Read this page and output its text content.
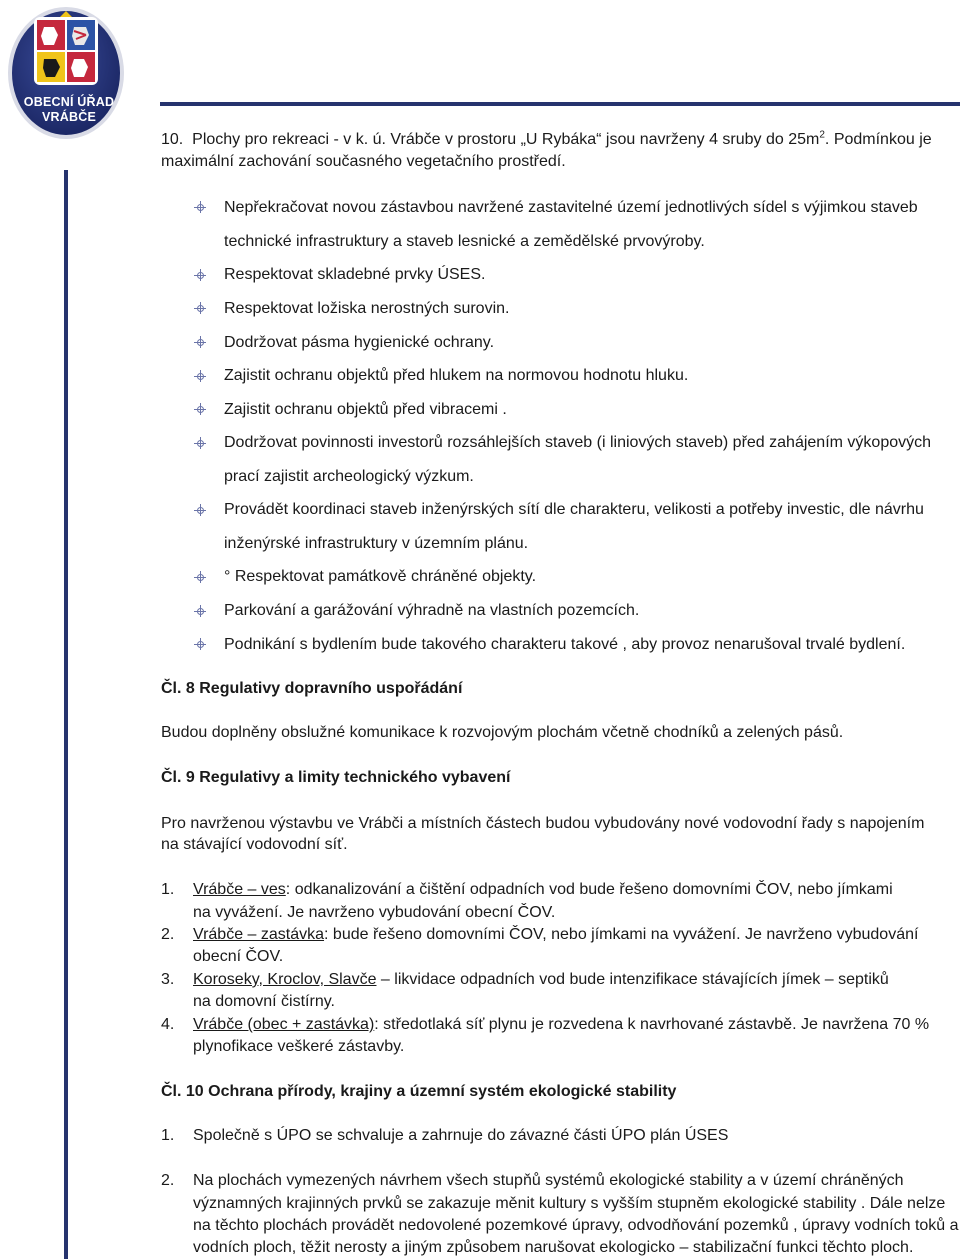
OBECNÍ ÚŘAD
VRÁBČE
10. Plochy pro rekreaci - v k. ú. Vrábče v prostoru „U Rybáka“ jsou navrženy 4 sruby do $25m^2$. Podmínkou je
maximální zachování současného vegetačního prostředí.
Nepřekračovat novou zástavbou navržené zastavitelné území jednotlivých sídel s výjimkou staveb
technické infrastruktury a staveb lesnické a zemědělské prvovýroby.
Respektovat skladebné prvky ÚSES.
Respektovat ložiska nerostných surovin.
Dodržovat pásma hygienické ochrany.
Zajistit ochranu objektů před hlukem na normovou hodnotu hluku.
Zajistit ochranu objektů před vibracemi .
Dodržovat povinnosti investorů rozsáhlejších staveb (i liniových staveb) před zahájením výkopových
prací zajistit archeologický výzkum.
Provádět koordinaci staveb inženýrských sítí dle charakteru, velikosti a potřeby investic, dle návrhu
inženýrské infrastruktury v územním plánu.
° Respektovat památkově chráněné objekty.
Parkování a garážování výhradně na vlastních pozemcích.
Podnikání s bydlením bude takového charakteru takové , aby provoz nenarušoval trvalé bydlení.
Čl. 8 Regulativy dopravního uspořádání
Budou doplněny obslužné komunikace k rozvojovým plochám včetně chodníků a zelených pásů.
Čl. 9 Regulativy a limity technického vybavení
Pro navrženou výstavbu ve Vrábči a místních částech budou vybudovány nové vodovodní řady s napojením
na stávající vodovodní síť.
1. Vrábče – ves: odkanalizování a čištění odpadních vod bude řešeno domovními ČOV, nebo jímkami
na vyvážení. Je navrženo vybudování obecní ČOV.
2. Vrábče – zastávka: bude řešeno domovními ČOV, nebo jímkami na vyvážení. Je navrženo vybudování
obecní ČOV.
3. Koroseky, Kroclov, Slavče – likvidace odpadních vod bude intenzifikace stávajících jímek – septiků
na domovní čistírny.
4. Vrábče (obec + zastávka): středotlaká síť plynu je rozvedena k navrhované zástavbě. Je navržena 70 %
plynofikace veškeré zástavby.
Čl. 10 Ochrana přírody, krajiny a územní systém ekologické stability
1. Společně s ÚPO se schvaluje a zahrnuje do závazné části ÚPO plán ÚSES
2. Na plochách vymezených návrhem všech stupňů systémů ekologické stability a v území chráněných
významných krajinných prvků se zakazuje měnit kultury s vyšším stupněm ekologické stability . Dále nelze
na těchto plochách provádět nedovolené pozemkové úpravy, odvodňování pozemků , úpravy vodních toků a
vodních ploch, těžit nerosty a jiným způsobem narušovat ekologicko – stabilizační funkci těchto ploch.
